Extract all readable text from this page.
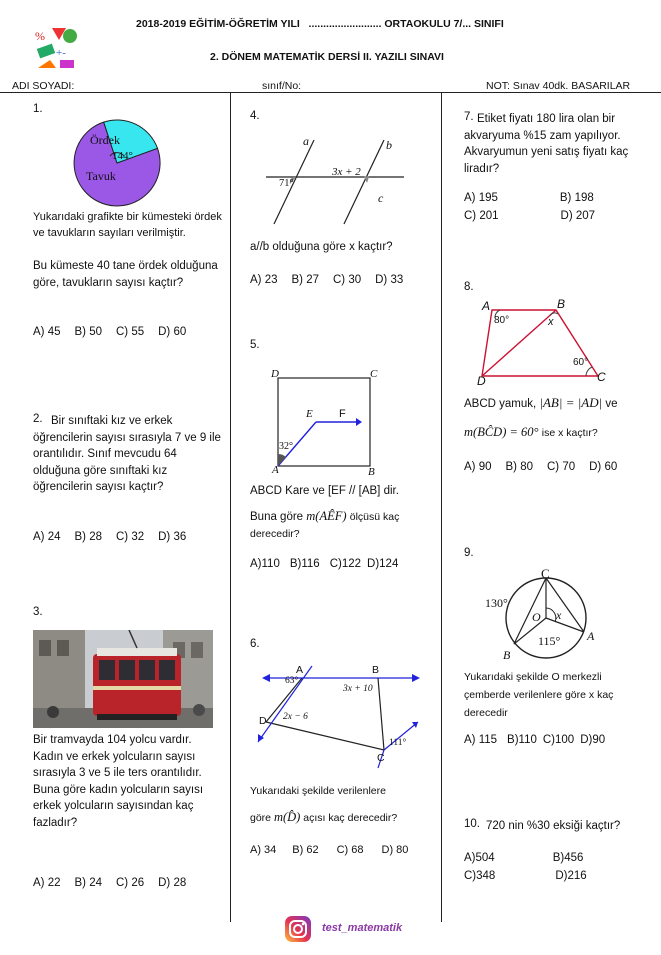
%
+-
2018-2019 EĞİTİM-ÖĞRETİM YILI   ......................... ORTAOKULU 7/... SINIFI
2. DÖNEM MATEMATİK DERSİ II. YAZILI SINAVI
ADI SOYADI:	sınıf/No:	NOT: Sınav 40dk. BASARILAR
1.
Ördek
144°
Tavuk
Yukarıdaki grafikte bir kümesteki ördek ve tavukların sayıları verilmiştir.
Bu kümeste 40 tane ördek olduğuna göre, tavukların sayısı kaçtır?
A) 45 B) 50 C) 55 D) 60
2. Bir sınıftaki kız ve erkek öğrencilerin sayısı sırasıyla 7 ve 9 ile orantılıdır. Sınıf mevcudu 64 olduğuna göre sınıftaki kız öğrencilerin sayısı kaçtır?
A) 24 B) 28 C) 32 D) 36
3.
Bir tramvayda 104 yolcu vardır. Kadın ve erkek yolcuların sayısı sırasıyla 3 ve 5 ile ters orantılıdır. Buna göre kadın yolcuların sayısı erkek yolcuların sayısından kaç fazladır?
A) 22 B) 24 C) 26 D) 28
4.
a	b
c
71°
3x + 2
a//b olduğuna göre x kaçtır?
A) 23 B) 27 C) 30 D) 33
5.
D	C
E F
32°
A	B
ABCD Kare ve [EF // [AB] dir.
Buna göre m(AÊF) ölçüsü kaç
derecedir?
A)110 B)116 C)122 D)124
6.
A	B
63°
3x + 10
D 2x − 6
111°
C
Yukarıdaki şekilde verilenlere
göre m(D̂) açısı kaç derecedir?
A) 34 B) 62 C) 68 D) 80
7. Etiket fiyatı 180 lira olan bir akvaryuma %15 zam yapılıyor. Akvaryumun yeni satış fiyatı kaç liradır?
A) 195	B) 198
C) 201	D) 207
8.
A	B
80°	x
60°
D	C
ABCD yamuk, |AB| = |AD| ve
m(BĈD) = 60° ise x kaçtır?
A) 90 B) 80 C) 70 D) 60
9.
C
130°
O x
A
115°
B
Yukarıdaki şekilde O merkezli çemberde verilenlere göre x kaç derecedir
A) 115 B)110 C)100 D)90
10. 720 nin %30 eksiği kaçtır?
A)504	B)456
C)348	D)216
test_matematik
